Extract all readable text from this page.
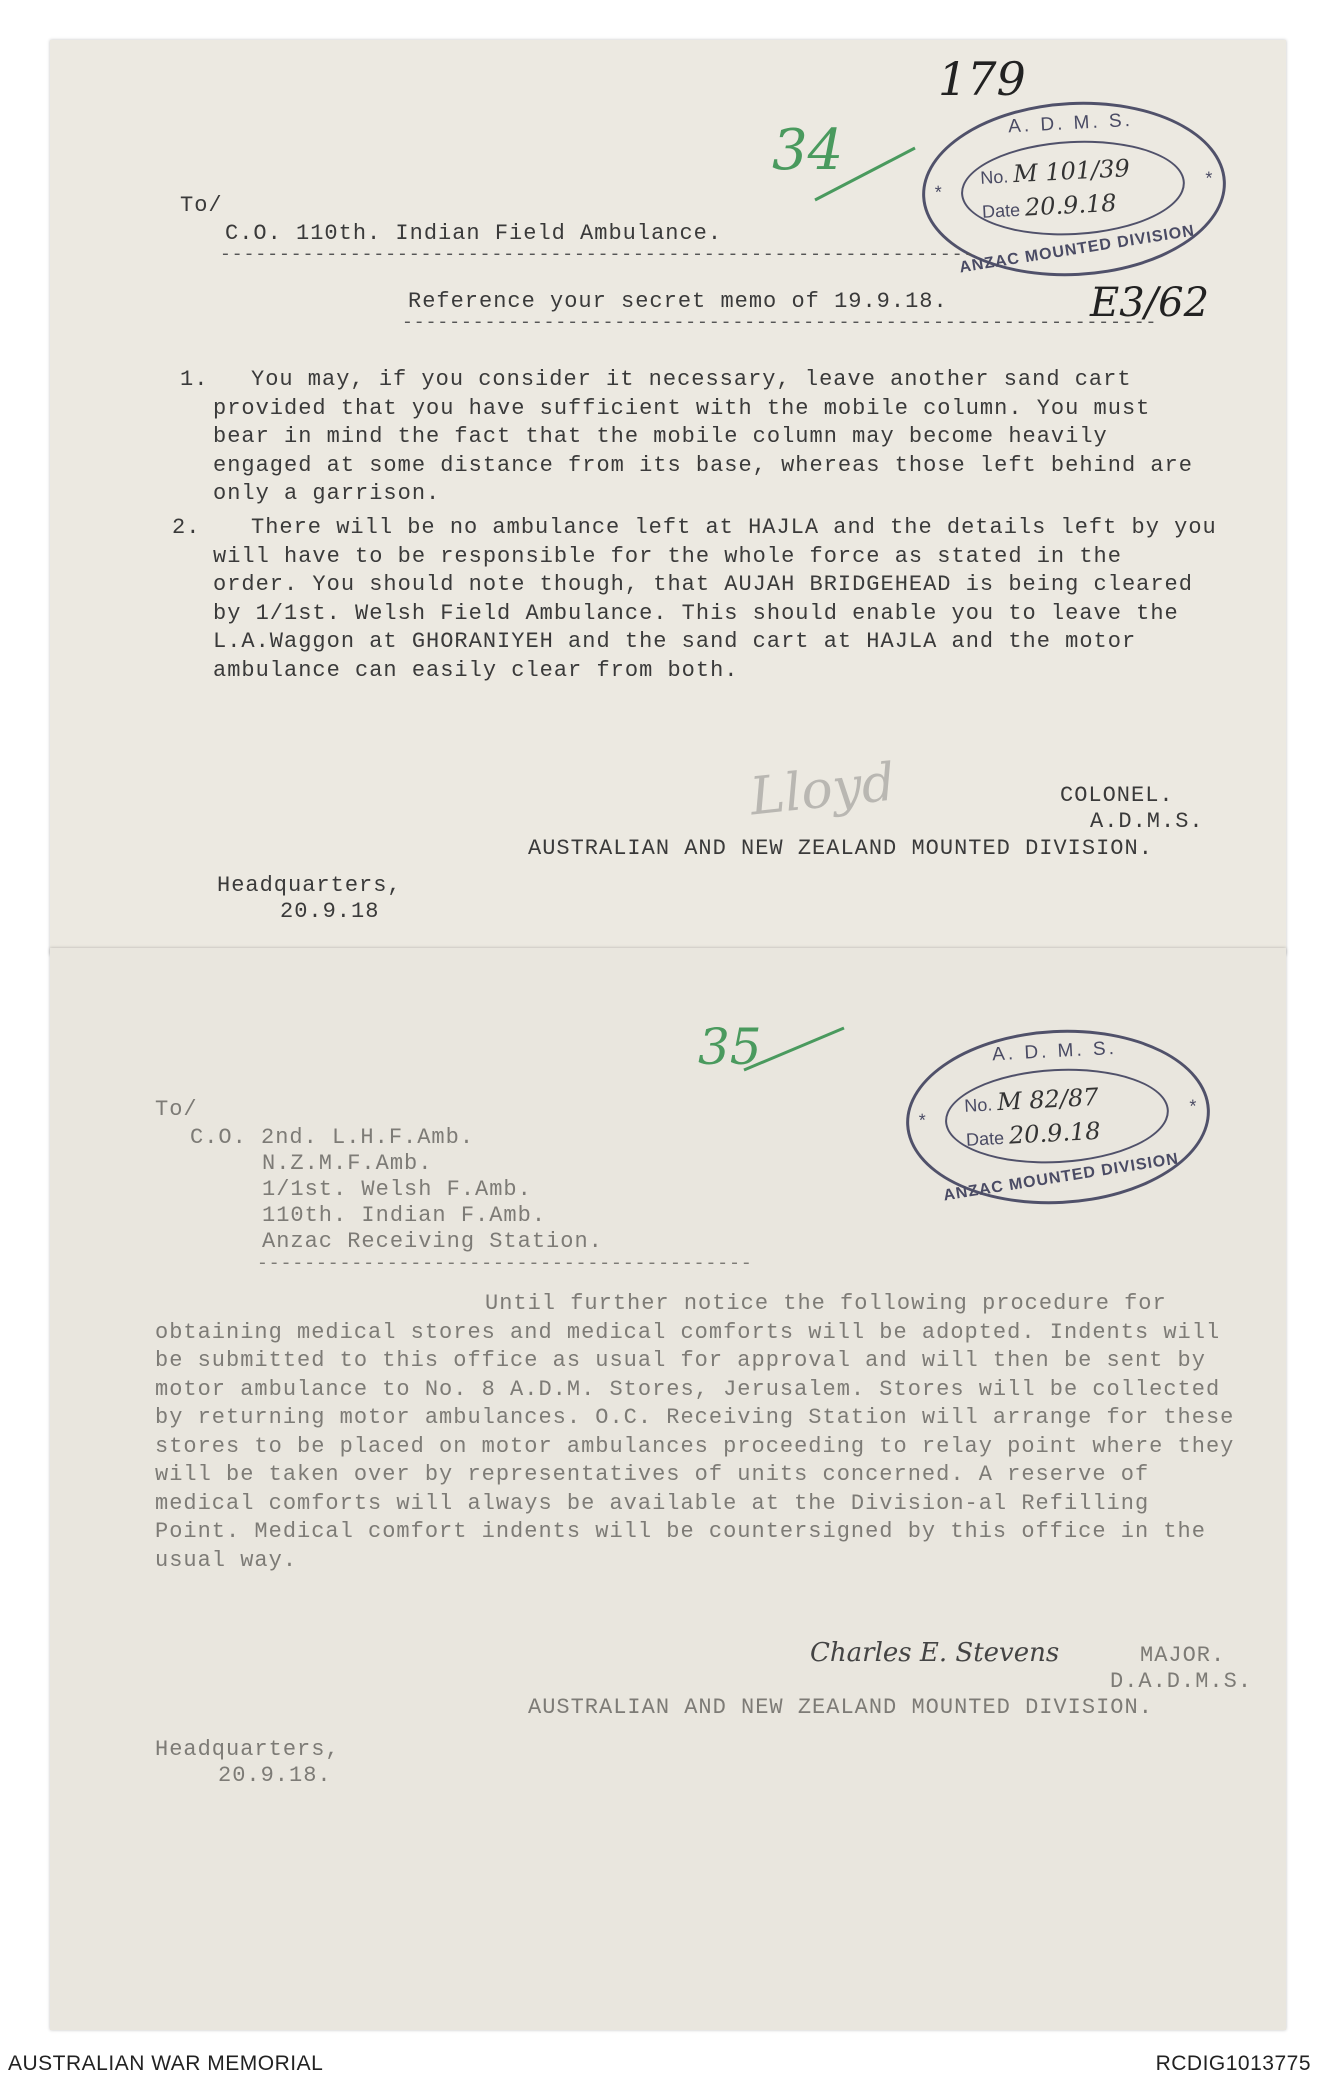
179
34	A. D. M. S.
*
*
No. M 101/39
Date 20.9.18
ANZAC MOUNTED DIVISION
E3/62
To/
C.O. 110th. Indian Field Ambulance.
----------------------------------------------------------------
Reference your secret memo of 19.9.18.
----------------------------------------------------------------
1.	You may, if you consider it necessary, leave another sand cart provided that you have sufficient with the mobile column. You must bear in mind the fact that the mobile column may become heavily engaged at some distance from its base, whereas those left behind are only a garrison.
2.	There will be no ambulance left at HAJLA and the details left by you will have to be responsible for the whole force as stated in the order. You should note though, that AUJAH BRIDGEHEAD is being cleared by 1/1st. Welsh Field Ambulance. This should enable you to leave the L.A.Waggon at GHORANIYEH and the sand cart at HAJLA and the motor ambulance can easily clear from both.
Lloyd	COLONEL.
A.D.M.S.
AUSTRALIAN AND NEW ZEALAND MOUNTED DIVISION.
Headquarters,
20.9.18
35	A. D. M. S.
*
*
No. M 82/87
Date 20.9.18
ANZAC MOUNTED DIVISION
To/
C.O. 2nd. L.H.F.Amb.
N.Z.M.F.Amb.
1/1st. Welsh F.Amb.
110th. Indian F.Amb.
Anzac Receiving Station.
------------------------------------------
Until further notice the following procedure for obtaining medical stores and medical comforts will be adopted. Indents will be submitted to this office as usual for approval and will then be sent by motor ambulance to No. 8 A.D.M. Stores, Jerusalem. Stores will be collected by returning motor ambulances. O.C. Receiving Station will arrange for these stores to be placed on motor ambulances proceeding to relay point where they will be taken over by representatives of units concerned. A reserve of medical comforts will always be available at the Division-al Refilling Point. Medical comfort indents will be countersigned by this office in the usual way.
Charles E. Stevens	MAJOR.
D.A.D.M.S.
AUSTRALIAN AND NEW ZEALAND MOUNTED DIVISION.
Headquarters,
20.9.18.
AUSTRALIAN WAR MEMORIAL	RCDIG1013775
